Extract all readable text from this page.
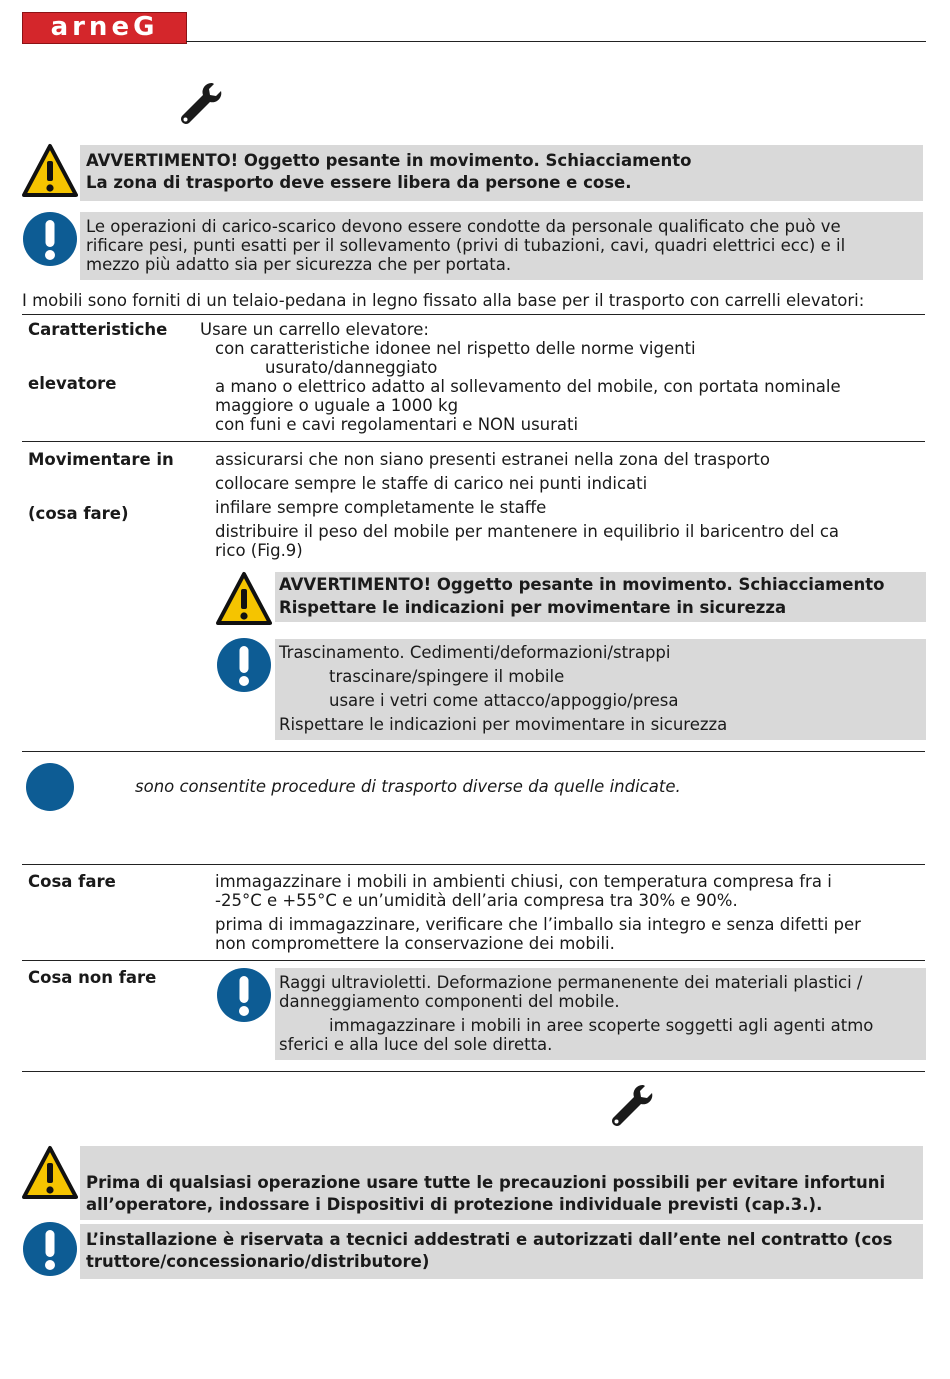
arneG
AVVERTIMENTO! Oggetto pesante in movimento. Schiacciamento
La zona di trasporto deve essere libera da persone e cose.
Le operazioni di carico-scarico devono essere condotte da personale qualificato che può ve
rificare pesi, punti esatti per il sollevamento (privi di tubazioni, cavi, quadri elettrici ecc) e il
mezzo più adatto sia per sicurezza che per portata.
I mobili sono forniti di un telaio-pedana in legno fissato alla base per il trasporto con carrelli elevatori:
Caratteristiche
elevatore
Usare un carrello elevatore:
con caratteristiche idonee nel rispetto delle norme vigenti
usurato/danneggiato
a mano o elettrico adatto al sollevamento del mobile, con portata nominale
maggiore o uguale a 1000 kg
con funi e cavi regolamentari e NON usurati
Movimentare in
(cosa fare)
assicurarsi che non siano presenti estranei nella zona del trasporto
collocare sempre le staffe di carico nei punti indicati
infilare sempre completamente le staffe
distribuire il peso del mobile per mantenere in equilibrio il baricentro del ca
rico (Fig.9)
AVVERTIMENTO! Oggetto pesante in movimento. Schiacciamento
Rispettare le indicazioni per movimentare in sicurezza
Trascinamento. Cedimenti/deformazioni/strappi
trascinare/spingere il mobile
usare i vetri come attacco/appoggio/presa
Rispettare le indicazioni per movimentare in sicurezza
sono consentite procedure di trasporto diverse da quelle indicate.
Cosa fare	immagazzinare i mobili in ambienti chiusi, con temperatura compresa fra i
-25°C e +55°C e un’umidità dell’aria compresa tra 30% e 90%.
prima di immagazzinare, verificare che l’imballo sia integro e senza difetti per
non compromettere la conservazione dei mobili.
Cosa non fare	Raggi ultravioletti. Deformazione permanenente dei materiali plastici /
danneggiamento componenti del mobile.
immagazzinare i mobili in aree scoperte soggetti agli agenti atmo
sferici e alla luce del sole diretta.
Prima di qualsiasi operazione usare tutte le precauzioni possibili per evitare infortuni
all’operatore, indossare i Dispositivi di protezione individuale previsti (cap.3.).
L’installazione è riservata a tecnici addestrati e autorizzati dall’ente nel contratto (cos
truttore/concessionario/distributore)
